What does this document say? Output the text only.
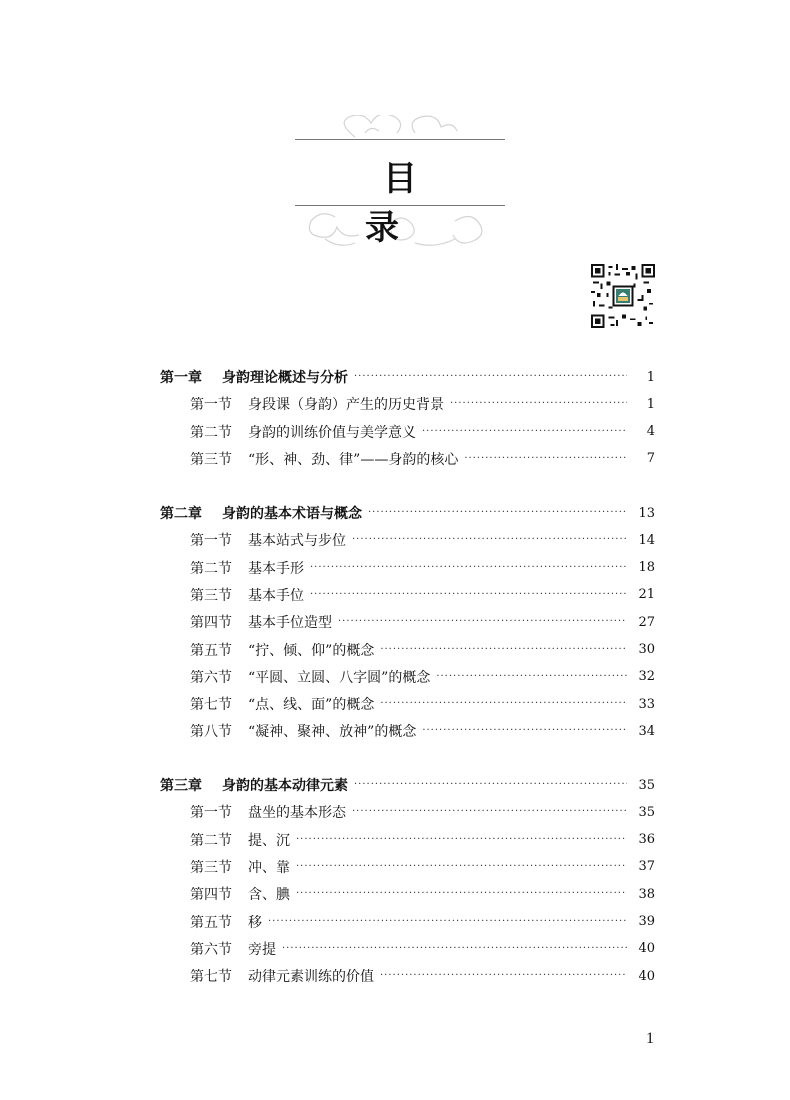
目 录
第一章 身韵理论概述与分析 ·····	1
第一节 身段课（身韵）产生的历史背景 ·····	1
第二节 身韵的训练价值与美学意义 ·····	4
第三节 “形、神、劲、律”——身韵的核心 ·····	7
第二章 身韵的基本术语与概念 ·····	13
第一节 基本站式与步位 ·····	14
第二节 基本手形 ·····	18
第三节 基本手位 ·····	21
第四节 基本手位造型 ·····	27
第五节 “拧、倾、仰”的概念 ·····	30
第六节 “平圆、立圆、八字圆”的概念 ·····	32
第七节 “点、线、面”的概念 ·····	33
第八节 “凝神、聚神、放神”的概念 ·····	34
第三章 身韵的基本动律元素 ·····	35
第一节 盘坐的基本形态 ·····	35
第二节 提、沉 ·····	36
第三节 冲、靠 ·····	37
第四节 含、腆 ·····	38
第五节 移 ·····	39
第六节 旁提 ·····	40
第七节 动律元素训练的价值 ·····	40
1
